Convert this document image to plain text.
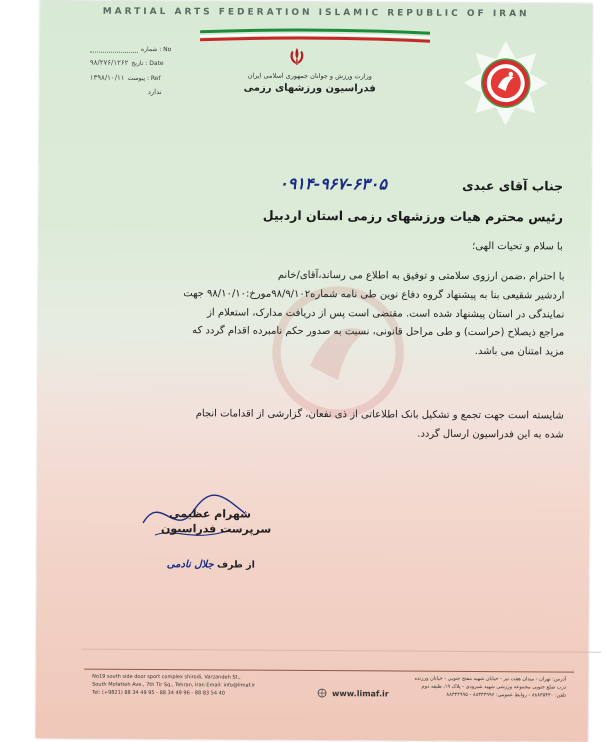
MARTIAL ARTS FEDERATION ISLAMIC REPUBLIC OF IRAN
وزارت ورزش و جوانان جمهوری اسلامی ایران
فدراسیون ورزشهای رزمی
شماره : No
۹۸/۲۷۶/۱۲۶۲ تاریخ : Date
۱۳۹۸/۱۰/۱۱ پیوست : Ref
ندارد
جناب آقای عبدی
۰۹۱۴-۹۶۷-۶۳۰۵
رئیس محترم هیات ورزشهای رزمی استان اردبیل
با سلام و تحیات الهی؛
با احترام ،ضمن ارزوی سلامتی و توفیق به اطلاع می رساند،آقای/خانم
اردشیر شقیعی بنا به پیشنهاد گروه دفاع نوین طی نامه شماره۹۸/۹/۱۰۲مورخ:۹۸/۱۰/۱۰ جهت
نمایندگی در استان پیشنهاد شده است. مقتضی است پس از دریافت مدارک، استعلام از
مراجع ذیصلاح (حراست) و طی مراحل قانونی، نسبت به صدور حکم نامبرده اقدام گردد که
مزید امتنان می باشد.
شایسته است جهت تجمع و تشکیل بانک اطلاعاتی از ذی نفعان، گزارشی از اقدامات انجام
شده به این فدراسیون ارسال گردد.
شهرام عظیمی
سرپرست فدراسیون
از طرف جلال نادمی
No19 south side door sport complex shirodi, Varzandeh St.,
South Mofatteh Ave., 7th Tir Sq., Tehran, Iran Email: info@limaf.ir
Tel: (+9821) 88 34 49 95 - 88 34 49 96 - 88 83 54 40	www.limaf.ir
آدرس: تهران - میدان هفت تیر - خیابان شهید مفتح جنوبی - خیابان ورزنده
درب ضلع جنوبی مجموعه ورزشی شهید شیرودی - پلاک ۱۹، طبقه دوم
تلفن: ۸۸۸۳۵۴۴۰ - روابط عمومی: ۸۸۳۴۴۹۹۶ - ۸۸۳۴۴۹۹۵
